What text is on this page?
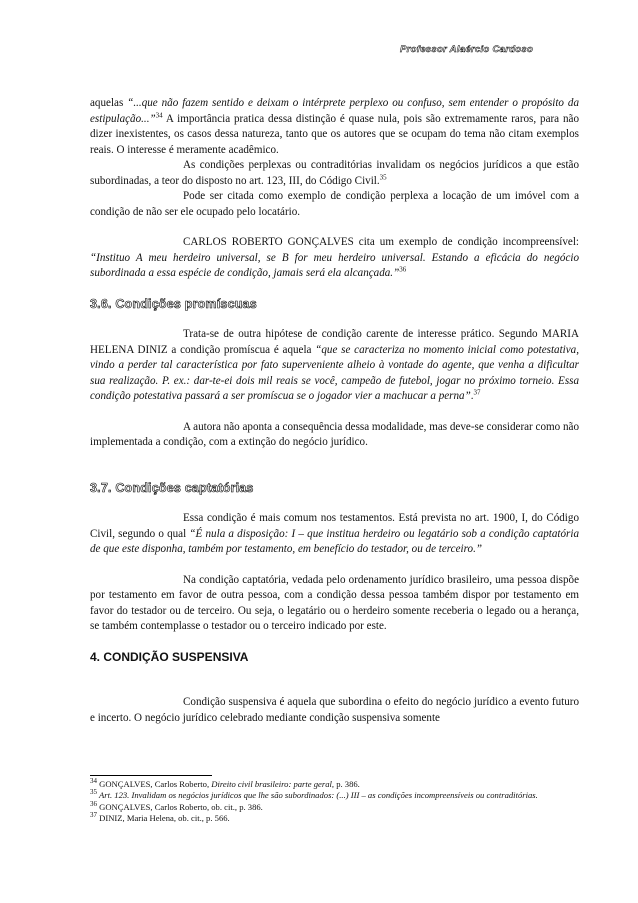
Professor Alaércio Cardoso

aquelas “...que não fazem sentido e deixam o intérprete perplexo ou confuso, sem entender o propósito da estipulação...”$^{34}$ A importância pratica dessa distinção é quase nula, pois são extremamente raros, para não dizer inexistentes, os casos dessa natureza, tanto que os autores que se ocupam do tema não citam exemplos reais. O interesse é meramente acadêmico.

As condições perplexas ou contraditórias invalidam os negócios jurídicos a que estão subordinadas, a teor do disposto no art. 123, III, do Código Civil.$^{35}$

Pode ser citada como exemplo de condição perplexa a locação de um imóvel com a condição de não ser ele ocupado pelo locatário.

CARLOS ROBERTO GONÇALVES cita um exemplo de condição incompreensível: “Instituo A meu herdeiro universal, se B for meu herdeiro universal. Estando a eficácia do negócio subordinada a essa espécie de condição, jamais será ela alcançada.”$^{36}$

3.6. Condições promíscuas

Trata-se de outra hipótese de condição carente de interesse prático. Segundo MARIA HELENA DINIZ a condição promíscua é aquela “que se caracteriza no momento inicial como potestativa, vindo a perder tal característica por fato superveniente alheio à vontade do agente, que venha a dificultar sua realização. P. ex.: dar-te-ei dois mil reais se você, campeão de futebol, jogar no próximo torneio. Essa condição potestativa passará a ser promíscua se o jogador vier a machucar a perna”.$^{37}$

A autora não aponta a consequência dessa modalidade, mas deve-se considerar como não implementada a condição, com a extinção do negócio jurídico.

3.7. Condições captatórias

Essa condição é mais comum nos testamentos. Está prevista no art. 1900, I, do Código Civil, segundo o qual “É nula a disposição: I – que institua herdeiro ou legatário sob a condição captatória de que este disponha, também por testamento, em benefício do testador, ou de terceiro.”

Na condição captatória, vedada pelo ordenamento jurídico brasileiro, uma pessoa dispõe por testamento em favor de outra pessoa, com a condição dessa pessoa também dispor por testamento em favor do testador ou de terceiro. Ou seja, o legatário ou o herdeiro somente receberia o legado ou a herança, se também contemplasse o testador ou o terceiro indicado por este.

4. CONDIÇÃO SUSPENSIVA

Condição suspensiva é aquela que subordina o efeito do negócio jurídico a evento futuro e incerto. O negócio jurídico celebrado mediante condição suspensiva somente

$^{34}$ GONÇALVES, Carlos Roberto, Direito civil brasileiro: parte geral, p. 386.

$^{35}$ Art. 123. Invalidam os negócios jurídicos que lhe são subordinados: (...) III – as condições incompreensíveis ou contraditórias.

$^{36}$ GONÇALVES, Carlos Roberto, ob. cit., p. 386.

$^{37}$ DINIZ, Maria Helena, ob. cit., p. 566.
